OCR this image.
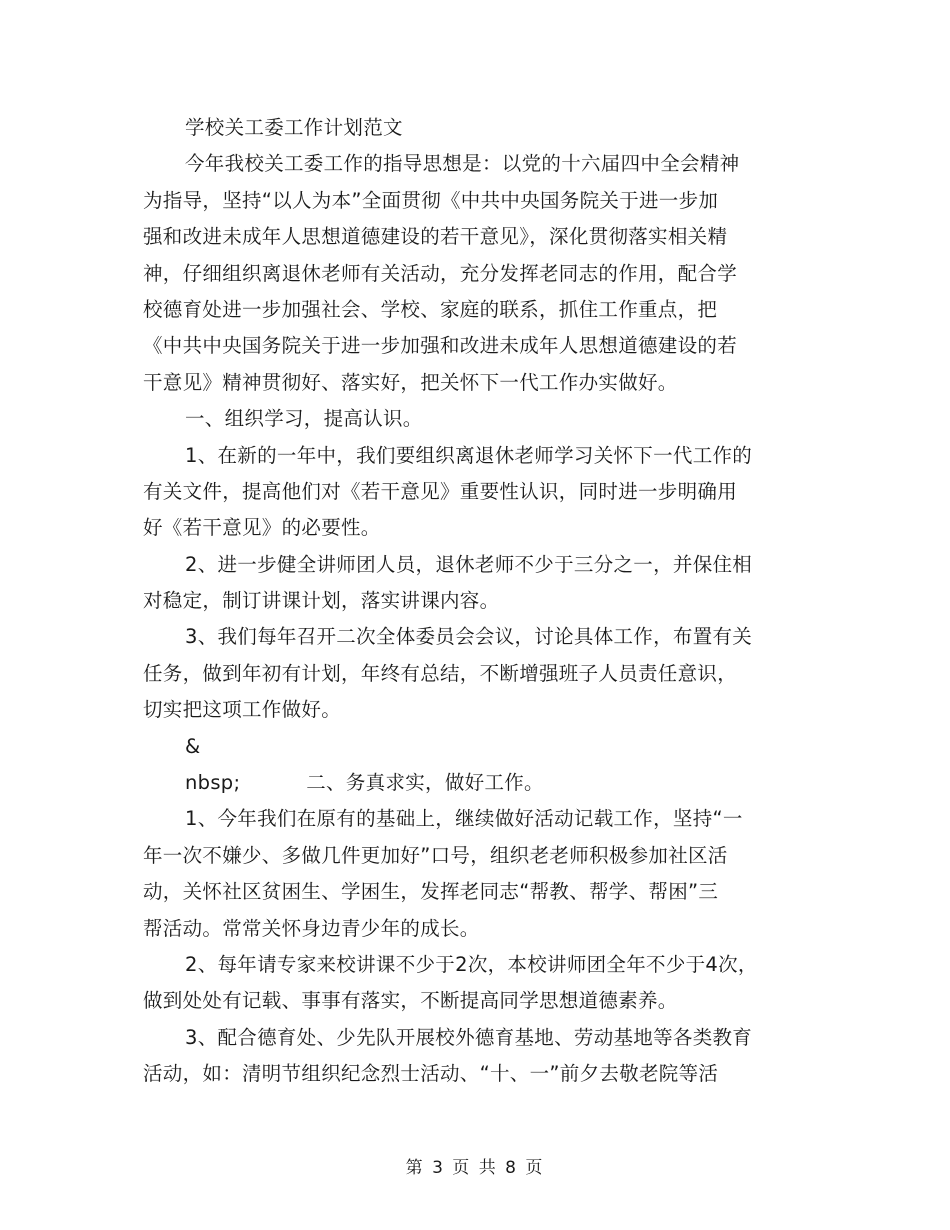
学校关工委工作计划范文
今年我校关工委工作的指导思想是：以党的十六届四中全会精神
为指导，坚持“以人为本”全面贯彻《中共中央国务院关于进一步加
强和改进未成年人思想道德建设的若干意见》，深化贯彻落实相关精
神，仔细组织离退休老师有关活动，充分发挥老同志的作用，配合学
校德育处进一步加强社会、学校、家庭的联系，抓住工作重点，把
《中共中央国务院关于进一步加强和改进未成年人思想道德建设的若
干意见》精神贯彻好、落实好，把关怀下一代工作办实做好。
一、组织学习，提高认识。
1、在新的一年中，我们要组织离退休老师学习关怀下一代工作的
有关文件，提高他们对《若干意见》重要性认识，同时进一步明确用
好《若干意见》的必要性。
2、进一步健全讲师团人员，退休老师不少于三分之一，并保住相
对稳定，制订讲课计划，落实讲课内容。
3、我们每年召开二次全体委员会会议，讨论具体工作，布置有关
任务，做到年初有计划，年终有总结，不断增强班子人员责任意识，
切实把这项工作做好。
&
nbsp;　　　 二、务真求实，做好工作。
1、今年我们在原有的基础上，继续做好活动记载工作，坚持“一
年一次不嫌少、多做几件更加好”口号，组织老老师积极参加社区活
动，关怀社区贫困生、学困生，发挥老同志“帮教、帮学、帮困”三
帮活动。常常关怀身边青少年的成长。
2、每年请专家来校讲课不少于2次，本校讲师团全年不少于4次，
做到处处有记载、事事有落实，不断提高同学思想道德素养。
3、配合德育处、少先队开展校外德育基地、劳动基地等各类教育
活动，如：清明节组织纪念烈士活动、“十、一”前夕去敬老院等活
第 3 页 共 8 页
